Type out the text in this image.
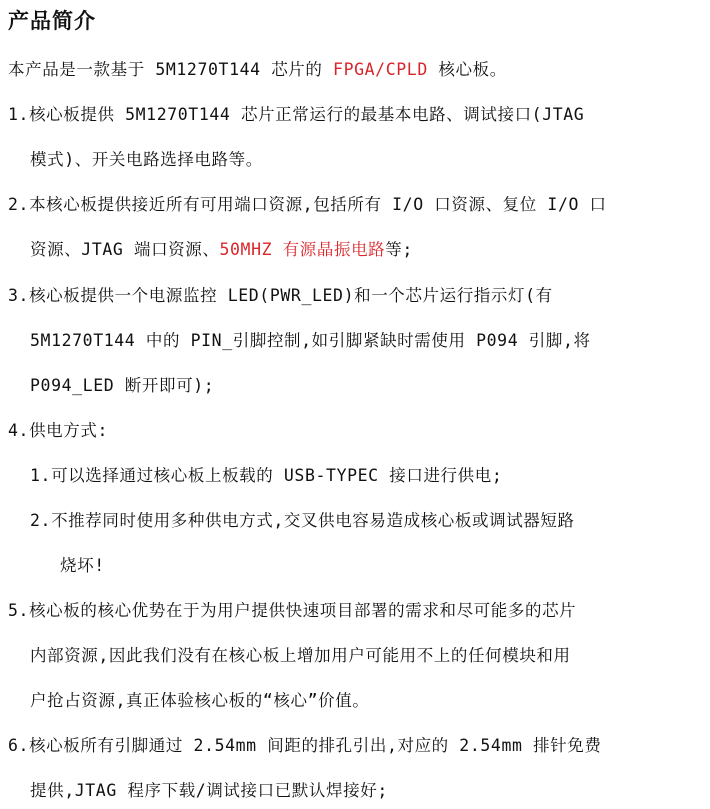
产品简介
本产品是一款基于 5M1270T144 芯片的 FPGA/CPLD 核心板。
1.核心板提供 5M1270T144 芯片正常运行的最基本电路、调试接口(JTAG
模式)、开关电路选择电路等。
2.本核心板提供接近所有可用端口资源,包括所有 I/O 口资源、复位 I/O 口
资源、JTAG 端口资源、50MHZ 有源晶振电路等;
3.核心板提供一个电源监控 LED(PWR_LED)和一个芯片运行指示灯(有
5M1270T144 中的 PIN_引脚控制,如引脚紧缺时需使用 P094 引脚,将
P094_LED 断开即可);
4.供电方式:
1.可以选择通过核心板上板载的 USB-TYPEC 接口进行供电;
2.不推荐同时使用多种供电方式,交叉供电容易造成核心板或调试器短路
烧坏!
5.核心板的核心优势在于为用户提供快速项目部署的需求和尽可能多的芯片
内部资源,因此我们没有在核心板上增加用户可能用不上的任何模块和用
户抢占资源,真正体验核心板的“核心”价值。
6.核心板所有引脚通过 2.54mm 间距的排孔引出,对应的 2.54mm 排针免费
提供,JTAG 程序下载/调试接口已默认焊接好;
